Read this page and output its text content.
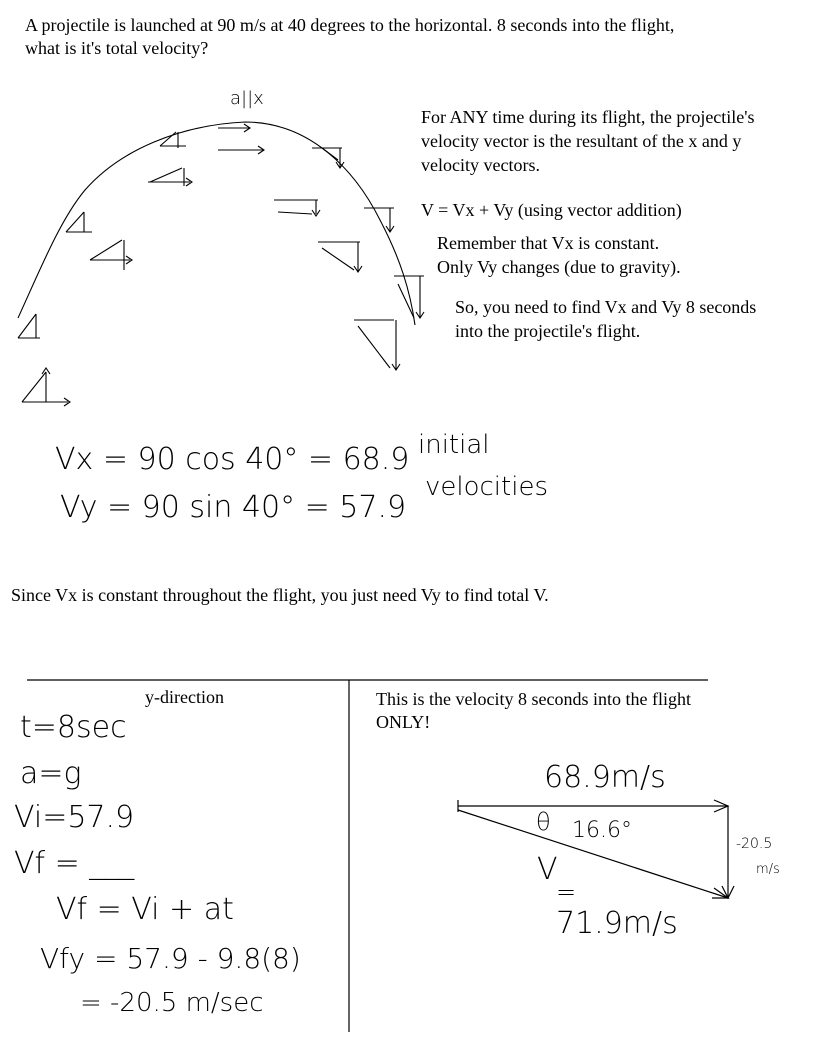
A projectile is launched at 90 m/s at 40 degrees to the horizontal. 8 seconds into the flight,
what is it's total velocity?
a||x
For ANY time during its flight, the projectile's
velocity vector is the resultant of the x and y
velocity vectors.
V = Vx + Vy (using vector addition)
Remember that Vx is constant.
Only Vy changes (due to gravity).
So, you need to find Vx and Vy 8 seconds
into the projectile's flight.
Vx = 90 cos 40° = 68.9
Vy = 90 sin 40° = 57.9
initial
velocities
Since Vx is constant throughout the flight, you just need Vy to find total V.
y-direction
t=8sec
a=g
Vi=57.9
Vf = ___
Vf = Vi + at
Vfy = 57.9 - 9.8(8)
= -20.5 m/sec
This is the velocity 8 seconds into the flight
ONLY!
68.9m/s
θ 16.6°
-20.5
m/s
V
=
71.9m/s
